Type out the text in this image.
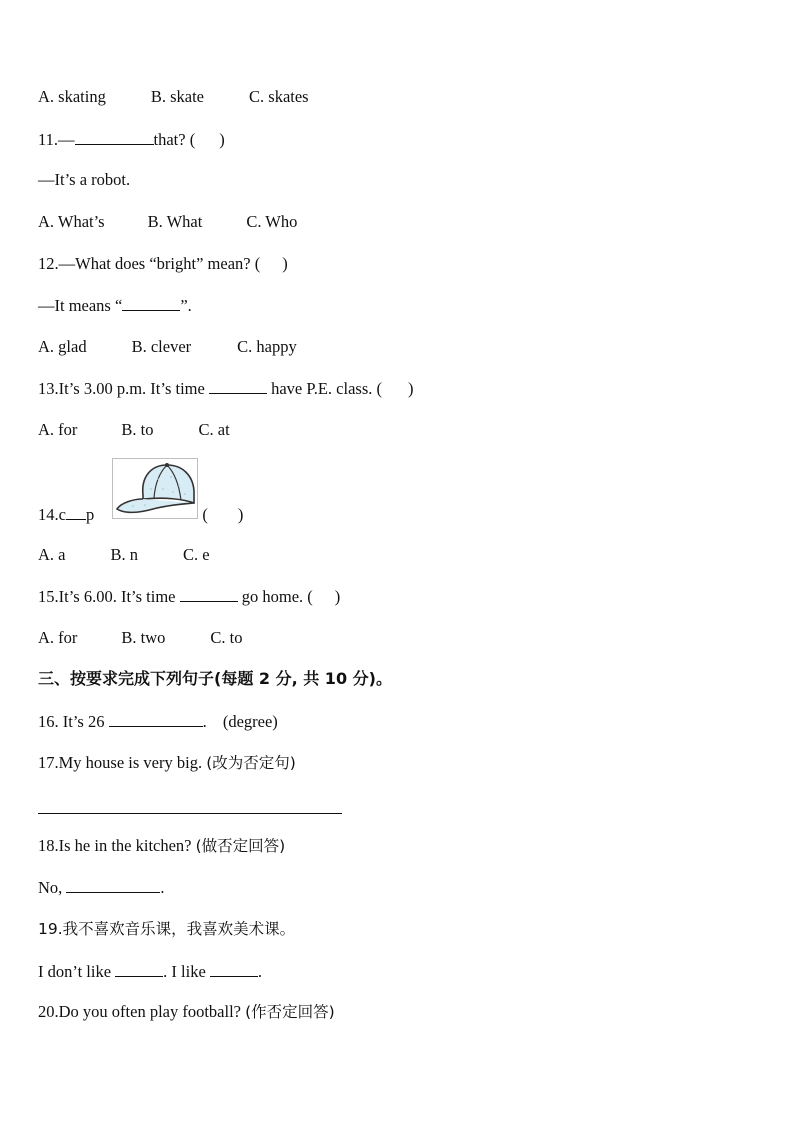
A. skating	B. skate	C. skates
11.—	that? ( )
—It’s a robot.
A. What’s	B. What	C. Who
12.—What does “bright” mean? ( )
—It means “	”.
A. glad	B. clever	C. happy
13.It’s 3.00 p.m. It’s time	have P.E. class. ( )
A. for	B. to	C. at
14.c p	( )
A. a	B. n	C. e
15.It’s 6.00. It’s time	go home. ( )
A. for	B. two	C. to
三、按要求完成下列句子(每题 2 分, 共 10 分)。
16. It’s 26	. (degree)
17.My house is very big. (改为否定句)
18.Is he in the kitchen? (做否定回答)
No,	.
19.我不喜欢音乐课，我喜欢美术课。
I don’t like	. I like	.
20.Do you often play football? (作否定回答)
